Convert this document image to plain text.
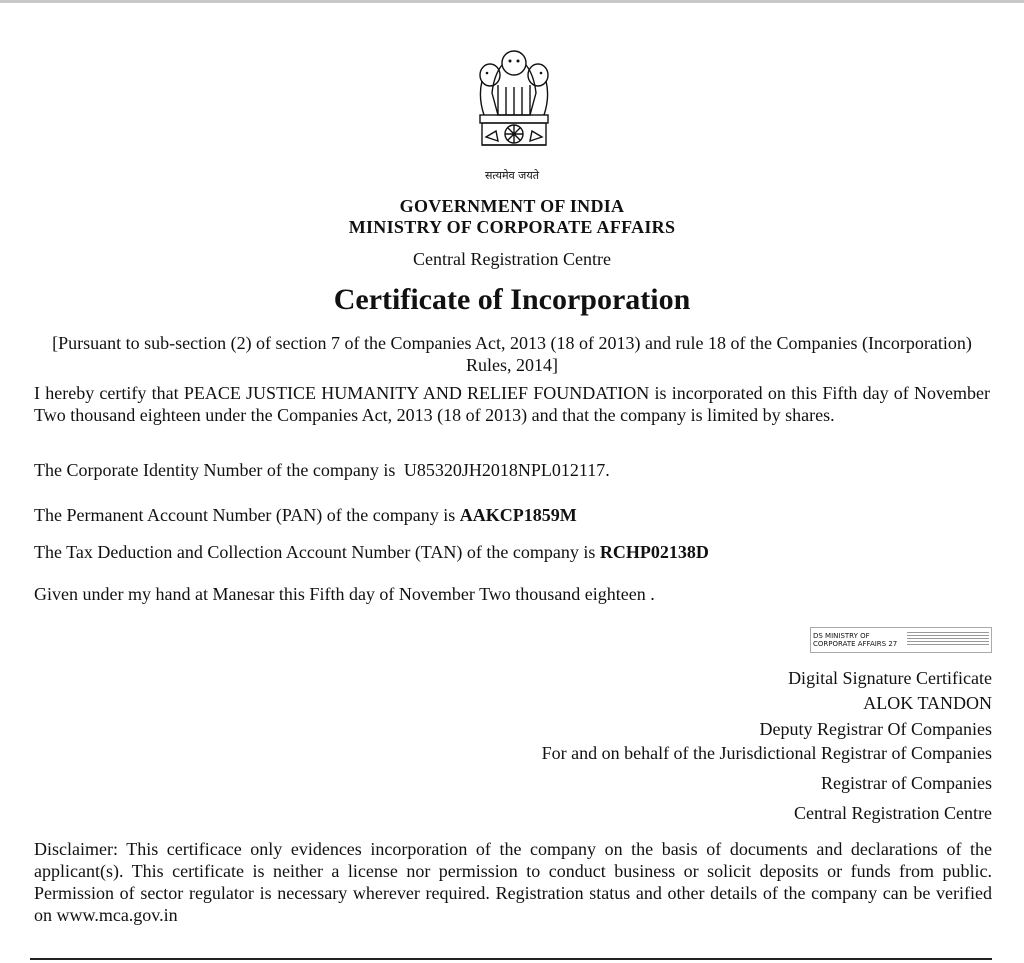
सत्यमेव जयते
GOVERNMENT OF INDIA
MINISTRY OF CORPORATE AFFAIRS
Central Registration Centre
Certificate of Incorporation
[Pursuant to sub-section (2) of section 7 of the Companies Act, 2013 (18 of 2013) and rule 18 of the Companies (Incorporation) Rules, 2014]
I hereby certify that PEACE JUSTICE HUMANITY AND RELIEF FOUNDATION is incorporated on this Fifth day of November Two thousand eighteen under the Companies Act, 2013 (18 of 2013) and that the company is limited by shares.
The Corporate Identity Number of the company is U85320JH2018NPL012117.
The Permanent Account Number (PAN) of the company is AAKCP1859M
The Tax Deduction and Collection Account Number (TAN) of the company is RCHP02138D
Given under my hand at Manesar this Fifth day of November Two thousand eighteen .
DS MINISTRY OF
CORPORATE AFFAIRS 27
Digital Signature Certificate
ALOK TANDON
Deputy Registrar Of Companies
For and on behalf of the Jurisdictional Registrar of Companies
Registrar of Companies
Central Registration Centre
Disclaimer: This certificace only evidences incorporation of the company on the basis of documents and declarations of the applicant(s). This certificate is neither a license nor permission to conduct business or solicit deposits or funds from public. Permission of sector regulator is necessary wherever required. Registration status and other details of the company can be verified on www.mca.gov.in
